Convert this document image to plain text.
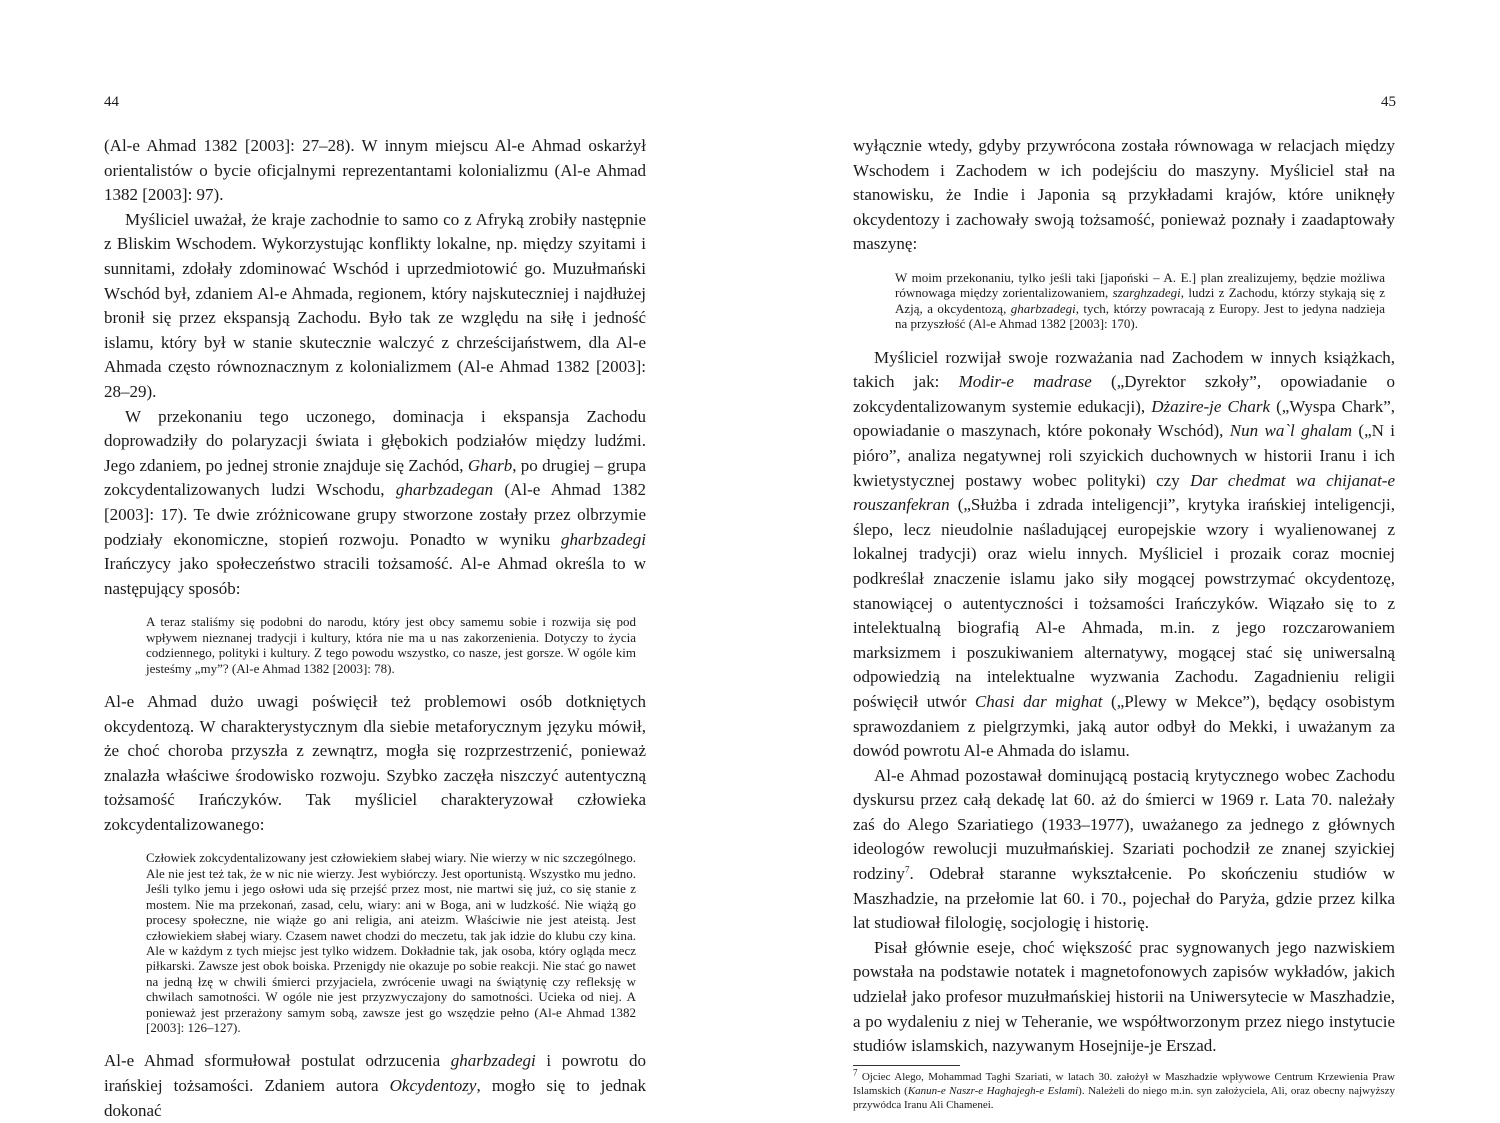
44

(Al-e Ahmad 1382 [2003]: 27–28). W innym miejscu Al-e Ahmad oskarżył orientalistów o bycie oficjalnymi reprezentantami kolonializmu (Al-e Ahmad 1382 [2003]: 97).

Myśliciel uważał, że kraje zachodnie to samo co z Afryką zrobiły następnie z Bliskim Wschodem. Wykorzystując konflikty lokalne, np. między szyitami i sunnitami, zdołały zdominować Wschód i uprzedmiotowić go. Muzułmański Wschód był, zdaniem Al-e Ahmada, regionem, który najskuteczniej i najdłużej bronił się przez ekspansją Zachodu. Było tak ze względu na siłę i jedność islamu, który był w stanie skutecznie walczyć z chrześcijaństwem, dla Al-e Ahmada często równoznacznym z kolonializmem (Al-e Ahmad 1382 [2003]: 28–29).

W przekonaniu tego uczonego, dominacja i ekspansja Zachodu doprowadziły do polaryzacji świata i głębokich podziałów między ludźmi. Jego zdaniem, po jednej stronie znajduje się Zachód, Gharb, po drugiej – grupa zokcydentalizowanych ludzi Wschodu, gharbzadegan (Al-e Ahmad 1382 [2003]: 17). Te dwie zróżnicowane grupy stworzone zostały przez olbrzymie podziały ekonomiczne, stopień rozwoju. Ponadto w wyniku gharbzadegi Irańczycy jako społeczeństwo stracili tożsamość. Al-e Ahmad określa to w następujący sposób:

A teraz staliśmy się podobni do narodu, który jest obcy samemu sobie i rozwija się pod wpływem nieznanej tradycji i kultury, która nie ma u nas zakorzenienia. Dotyczy to życia codziennego, polityki i kultury. Z tego powodu wszystko, co nasze, jest gorsze. W ogóle kim jesteśmy „my”? (Al-e Ahmad 1382 [2003]: 78).

Al-e Ahmad dużo uwagi poświęcił też problemowi osób dotkniętych okcydentozą. W charakterystycznym dla siebie metaforycznym języku mówił, że choć choroba przyszła z zewnątrz, mogła się rozprzestrzenić, ponieważ znalazła właściwe środowisko rozwoju. Szybko zaczęła niszczyć autentyczną tożsamość Irańczyków. Tak myśliciel charakteryzował człowieka zokcydentalizowanego:

Człowiek zokcydentalizowany jest człowiekiem słabej wiary. Nie wierzy w nic szczególnego. Ale nie jest też tak, że w nic nie wierzy. Jest wybiórczy. Jest oportunistą. Wszystko mu jedno. Jeśli tylko jemu i jego osłowi uda się przejść przez most, nie martwi się już, co się stanie z mostem. Nie ma przekonań, zasad, celu, wiary: ani w Boga, ani w ludzkość. Nie wiążą go procesy społeczne, nie wiąże go ani religia, ani ateizm. Właściwie nie jest ateistą. Jest człowiekiem słabej wiary. Czasem nawet chodzi do meczetu, tak jak idzie do klubu czy kina. Ale w każdym z tych miejsc jest tylko widzem. Dokładnie tak, jak osoba, który ogląda mecz piłkarski. Zawsze jest obok boiska. Przenigdy nie okazuje po sobie reakcji. Nie stać go nawet na jedną łzę w chwili śmierci przyjaciela, zwrócenie uwagi na świątynię czy refleksję w chwilach samotności. W ogóle nie jest przyzwyczajony do samotności. Ucieka od niej. A ponieważ jest przerażony samym sobą, zawsze jest go wszędzie pełno (Al-e Ahmad 1382 [2003]: 126–127).

Al-e Ahmad sformułował postulat odrzucenia gharbzadegi i powrotu do irańskiej tożsamości. Zdaniem autora Okcydentozy, mogło się to jednak dokonać

45

wyłącznie wtedy, gdyby przywrócona została równowaga w relacjach między Wschodem i Zachodem w ich podejściu do maszyny. Myśliciel stał na stanowisku, że Indie i Japonia są przykładami krajów, które uniknęły okcydentozy i zachowały swoją tożsamość, ponieważ poznały i zaadaptowały maszynę:

W moim przekonaniu, tylko jeśli taki [japoński – A. E.] plan zrealizujemy, będzie możliwa równowaga między zorientalizowaniem, szarghzadegi, ludzi z Zachodu, którzy stykają się z Azją, a okcydentozą, gharbzadegi, tych, którzy powracają z Europy. Jest to jedyna nadzieja na przyszłość (Al-e Ahmad 1382 [2003]: 170).

Myśliciel rozwijał swoje rozważania nad Zachodem w innych książkach, takich jak: Modir-e madrase („Dyrektor szkoły”, opowiadanie o zokcydentalizowanym systemie edukacji), Dżazire-je Chark („Wyspa Chark”, opowiadanie o maszynach, które pokonały Wschód), Nun wa`l ghalam („N i pióro”, analiza negatywnej roli szyickich duchownych w historii Iranu i ich kwietystycznej postawy wobec polityki) czy Dar chedmat wa chijanat-e rouszanfekran („Służba i zdrada inteligencji”, krytyka irańskiej inteligencji, ślepo, lecz nieudolnie naśladującej europejskie wzory i wyalienowanej z lokalnej tradycji) oraz wielu innych. Myśliciel i prozaik coraz mocniej podkreślał znaczenie islamu jako siły mogącej powstrzymać okcydentozę, stanowiącej o autentyczności i tożsamości Irańczyków. Wiązało się to z intelektualną biografią Al-e Ahmada, m.in. z jego rozczarowaniem marksizmem i poszukiwaniem alternatywy, mogącej stać się uniwersalną odpowiedzią na intelektualne wyzwania Zachodu. Zagadnieniu religii poświęcił utwór Chasi dar mighat („Plewy w Mekce”), będący osobistym sprawozdaniem z pielgrzymki, jaką autor odbył do Mekki, i uważanym za dowód powrotu Al-e Ahmada do islamu.

Al-e Ahmad pozostawał dominującą postacią krytycznego wobec Zachodu dyskursu przez całą dekadę lat 60. aż do śmierci w 1969 r. Lata 70. należały zaś do Alego Szariatiego (1933–1977), uważanego za jednego z głównych ideologów rewolucji muzułmańskiej. Szariati pochodził ze znanej szyickiej rodziny$^7$. Odebrał staranne wykształcenie. Po skończeniu studiów w Maszhadzie, na przełomie lat 60. i 70., pojechał do Paryża, gdzie przez kilka lat studiował filologię, socjologię i historię.

Pisał głównie eseje, choć większość prac sygnowanych jego nazwiskiem powstała na podstawie notatek i magnetofonowych zapisów wykładów, jakich udzielał jako profesor muzułmańskiej historii na Uniwersytecie w Maszhadzie, a po wydaleniu z niej w Teheranie, we współtworzonym przez niego instytucie studiów islamskich, nazywanym Hosejnije-je Erszad.

$^7$ Ojciec Alego, Mohammad Taghi Szariati, w latach 30. założył w Maszhadzie wpływowe Centrum Krzewienia Praw Islamskich (Kanun-e Naszr-e Haghajegh-e Eslami). Należeli do niego m.in. syn założyciela, Ali, oraz obecny najwyższy przywódca Iranu Ali Chamenei.
